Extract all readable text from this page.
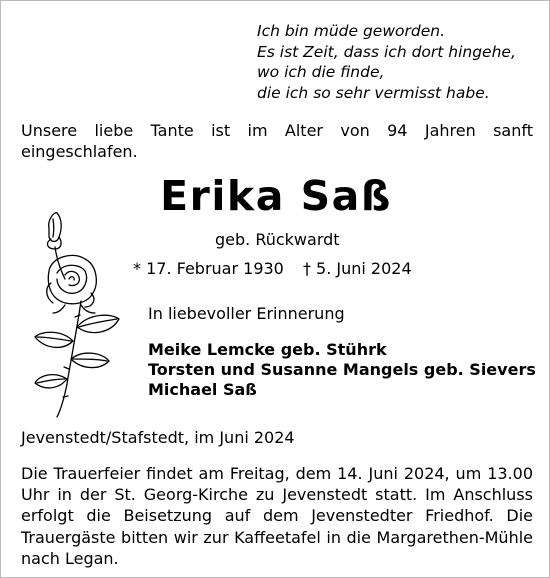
Ich bin müde geworden.
Es ist Zeit, dass ich dort hingehe,
wo ich die finde,
die ich so sehr vermisst habe.
Unsere liebe Tante ist im Alter von 94 Jahren sanft eingeschlafen.
Erika Saß
geb. Rückwardt
* 17. Februar 1930 † 5. Juni 2024
In liebevoller Erinnerung
Meike Lemcke geb. Stührk
Torsten und Susanne Mangels geb. Sievers
Michael Saß
Jevenstedt/Stafstedt, im Juni 2024
Die Trauerfeier findet am Freitag, dem 14. Juni 2024, um 13.00 Uhr in der St. Georg-Kirche zu Jevenstedt statt. Im Anschluss erfolgt die Beisetzung auf dem Jevenstedter Friedhof. Die Trauergäste bitten wir zur Kaffeetafel in die Margarethen-Mühle nach Legan.
